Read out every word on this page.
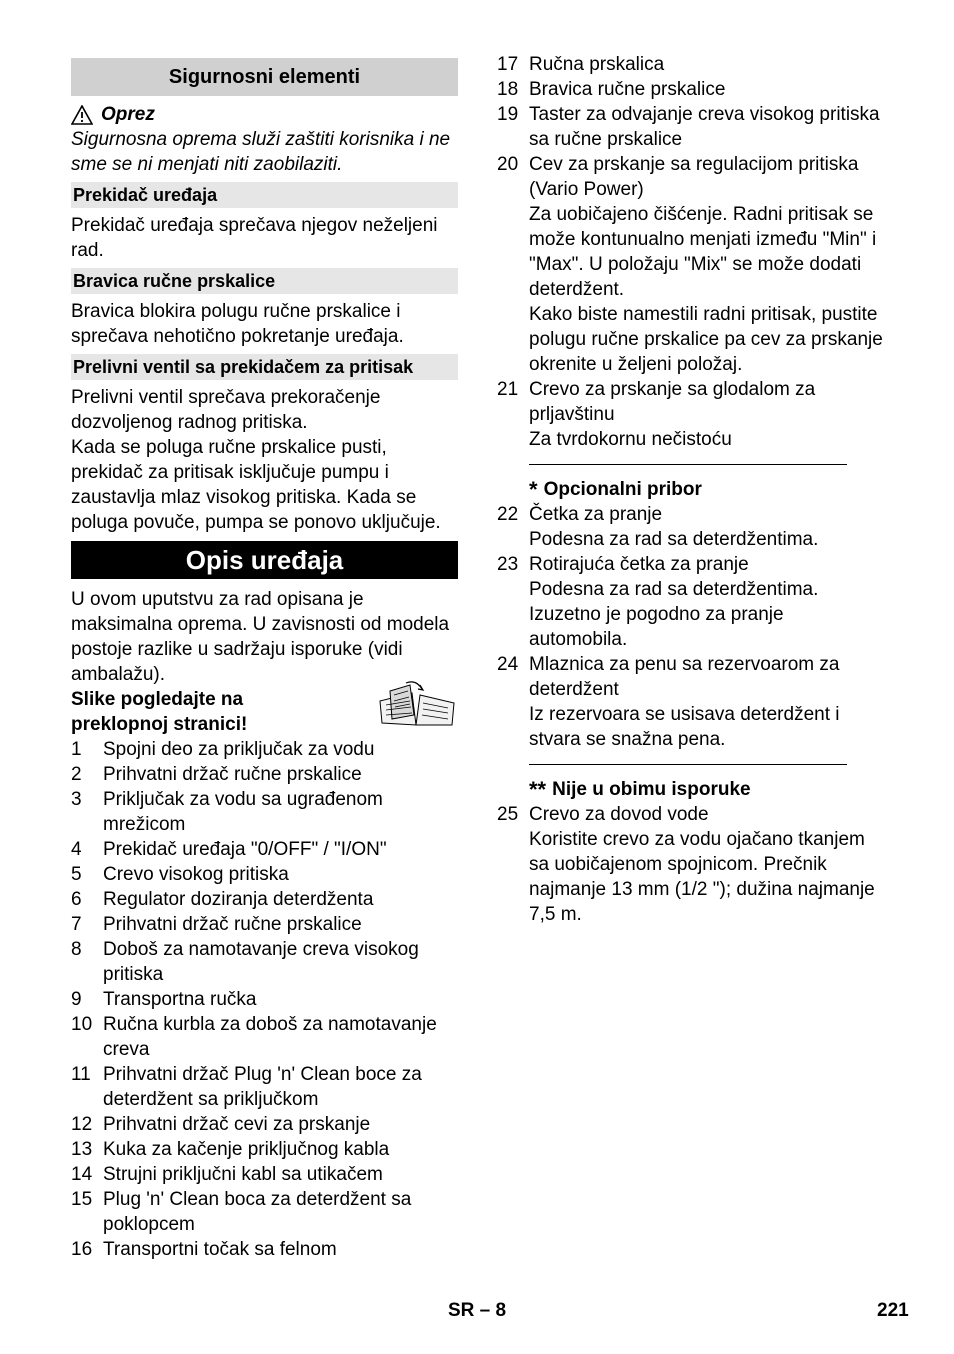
Sigurnosni elementi
Oprez

Sigurnosna oprema služi zaštiti korisnika i ne sme se ni menjati niti zaobilaziti.

Prekidač uređaja

Prekidač uređaja sprečava njegov neželjeni rad.

Bravica ručne prskalice

Bravica blokira polugu ručne prskalice i sprečava nehotično pokretanje uređaja.

Prelivni ventil sa prekidačem za pritisak

Prelivni ventil sprečava prekoračenje dozvoljenog radnog pritiska.

Kada se poluga ručne prskalice pusti, prekidač za pritisak isključuje pumpu i zaustavlja mlaz visokog pritiska. Kada se poluga povuče, pumpa se ponovo uključuje.

Opis uređaja

U ovom uputstvu za rad opisana je maksimalna oprema. U zavisnosti od modela postoje razlike u sadržaju isporuke (vidi ambalažu).

Slike pogledajte na preklopnoj stranici!
1	Spojni deo za priključak za vodu
2	Prihvatni držač ručne prskalice
3	Priključak za vodu sa ugrađenom mrežicom
4	Prekidač uređaja "0/OFF" / "I/ON"
5	Crevo visokog pritiska
6	Regulator doziranja deterdženta
7	Prihvatni držač ručne prskalice
8	Doboš za namotavanje creva visokog pritiska
9	Transportna ručka
10 Ručna kurbla za doboš za namotavanje creva
11 Prihvatni držač Plug 'n' Clean boce za deterdžent sa priključkom
12 Prihvatni držač cevi za prskanje
13 Kuka za kačenje priključnog kabla
14 Strujni priključni kabl sa utikačem
15 Plug 'n' Clean boca za deterdžent sa poklopcem
16 Transportni točak sa felnom
17 Ručna prskalica
18 Bravica ručne prskalice
19 Taster za odvajanje creva visokog pritiska sa ručne prskalice
20 Cev za prskanje sa regulacijom pritiska (Vario Power)
Za uobičajeno čišćenje. Radni pritisak se može kontunualno menjati između "Min" i "Max". U položaju "Mix" se može dodati deterdžent.
Kako biste namestili radni pritisak, pustite polugu ručne prskalice pa cev za prskanje okrenite u željeni položaj.
21 Crevo za prskanje sa glodalom za prljavštinu
Za tvrdokornu nečistoću
* Opcionalni pribor
22 Četka za pranje
Podesna za rad sa deterdžentima.
23 Rotirajuća četka za pranje
Podesna za rad sa deterdžentima. Izuzetno je pogodno za pranje automobila.
24 Mlaznica za penu sa rezervoarom za deterdžent
Iz rezervoara se usisava deterdžent i stvara se snažna pena.
** Nije u obimu isporuke
25 Crevo za dovod vode
Koristite crevo za vodu ojačano tkanjem sa uobičajenom spojnicom. Prečnik najmanje 13 mm (1/2 "); dužina najmanje 7,5 m.
SR – 8	221
